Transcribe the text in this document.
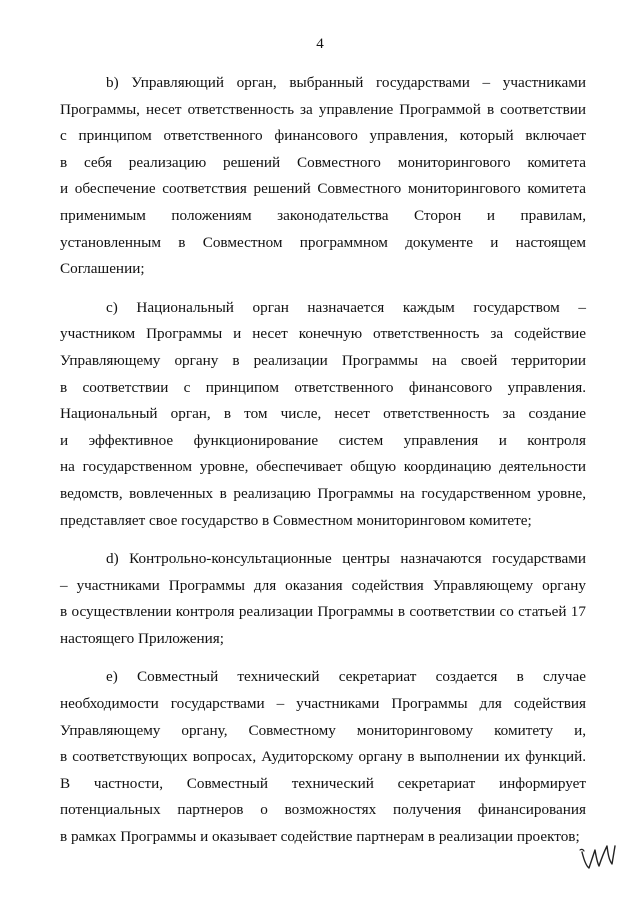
4
b) Управляющий орган, выбранный государствами – участниками
Программы, несет ответственность за управление Программой в соответствии
с принципом ответственного финансового управления, который включает
в себя реализацию решений Совместного мониторингового комитета
и обеспечение соответствия решений Совместного мониторингового комитета
применимым положениям законодательства Сторон и правилам,
установленным в Совместном программном документе и настоящем
Соглашении;
c) Национальный орган назначается каждым государством –
участником Программы и несет конечную ответственность за содействие
Управляющему органу в реализации Программы на своей территории
в соответствии с принципом ответственного финансового управления.
Национальный орган, в том числе, несет ответственность за создание
и эффективное функционирование систем управления и контроля
на государственном уровне, обеспечивает общую координацию деятельности
ведомств, вовлеченных в реализацию Программы на государственном уровне,
представляет свое государство в Совместном мониторинговом комитете;
d) Контрольно-консультационные центры назначаются государствами
– участниками Программы для оказания содействия Управляющему органу
в осуществлении контроля реализации Программы в соответствии со статьей 17
настоящего Приложения;
e) Совместный технический секретариат создается в случае
необходимости государствами – участниками Программы для содействия
Управляющему органу, Совместному мониторинговому комитету и,
в соответствующих вопросах, Аудиторскому органу в выполнении их функций.
В частности, Совместный технический секретариат информирует
потенциальных партнеров о возможностях получения финансирования
в рамках Программы и оказывает содействие партнерам в реализации проектов;
